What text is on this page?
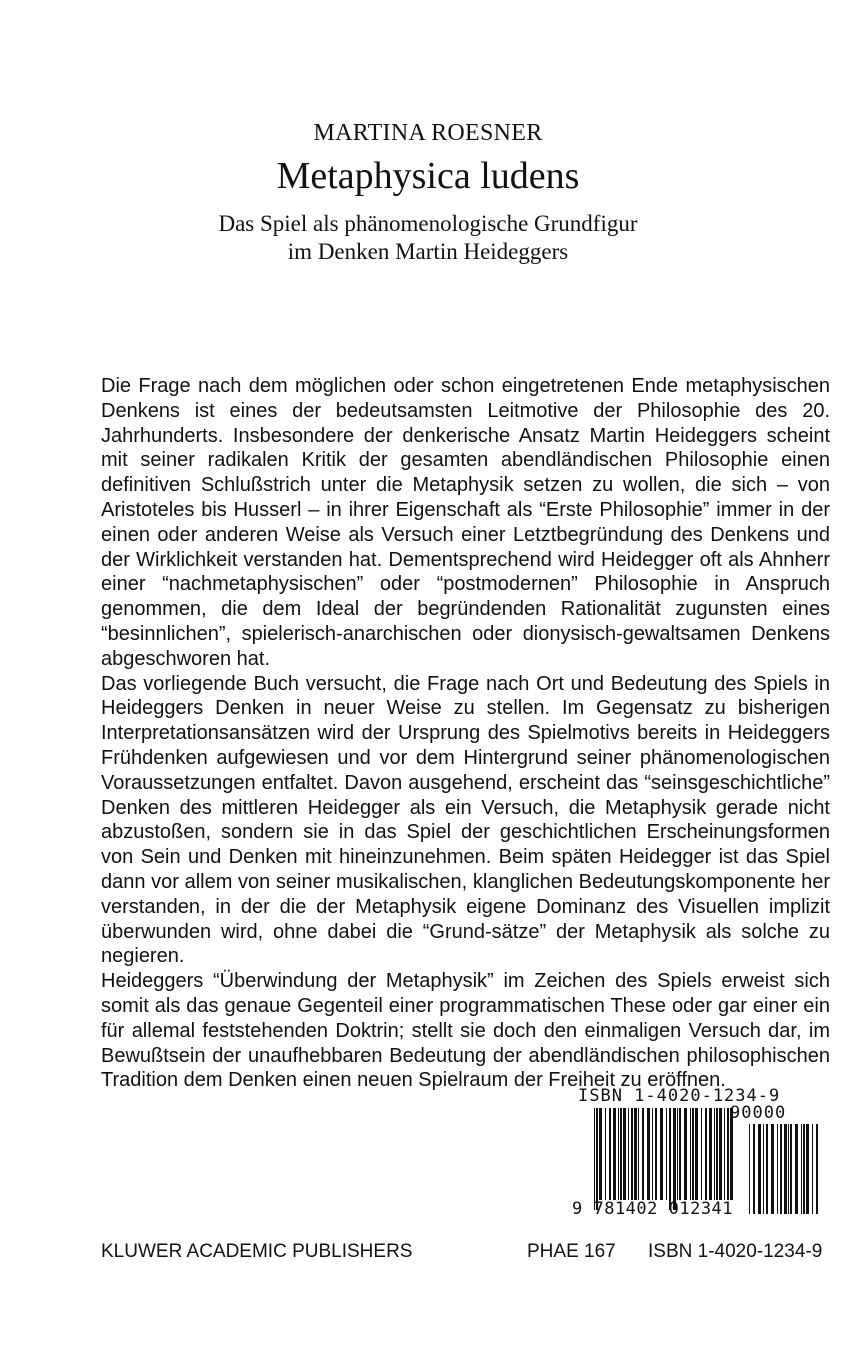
MARTINA ROESNER
Metaphysica ludens
Das Spiel als phänomenologische Grundfigur
im Denken Martin Heideggers

Die Frage nach dem möglichen oder schon eingetretenen Ende metaphysischen Denkens ist eines der bedeutsamsten Leitmotive der Philosophie des 20. Jahrhunderts. Insbesondere der denkerische Ansatz Martin Heideggers scheint mit seiner radikalen Kritik der gesamten abendländischen Philosophie einen definitiven Schlußstrich unter die Metaphysik setzen zu wollen, die sich – von Aristoteles bis Husserl – in ihrer Eigenschaft als “Erste Philosophie” immer in der einen oder anderen Weise als Versuch einer Letztbegründung des Denkens und der Wirklichkeit verstanden hat. Dementsprechend wird Heidegger oft als Ahnherr einer “nachmetaphysischen” oder “postmodernen” Philosophie in Anspruch genommen, die dem Ideal der begründenden Rationalität zugunsten eines “besinnlichen”, spielerisch-anarchischen oder dionysisch-gewaltsamen Denkens abgeschworen hat.

Das vorliegende Buch versucht, die Frage nach Ort und Bedeutung des Spiels in Heideggers Denken in neuer Weise zu stellen. Im Gegensatz zu bisherigen Interpretationsansätzen wird der Ursprung des Spielmotivs bereits in Heideggers Frühdenken aufgewiesen und vor dem Hintergrund seiner phänomenologischen Voraussetzungen entfaltet. Davon ausgehend, erscheint das “seinsgeschichtliche” Denken des mittleren Heidegger als ein Versuch, die Metaphysik gerade nicht abzustoßen, sondern sie in das Spiel der geschichtlichen Erscheinungsformen von Sein und Denken mit hineinzunehmen. Beim späten Heidegger ist das Spiel dann vor allem von seiner musikalischen, klanglichen Bedeutungskomponente her verstanden, in der die der Metaphysik eigene Dominanz des Visuellen implizit überwunden wird, ohne dabei die “Grund-sätze” der Metaphysik als solche zu negieren.

Heideggers “Überwindung der Metaphysik” im Zeichen des Spiels erweist sich somit als das genaue Gegenteil einer programmatischen These oder gar einer ein für allemal feststehenden Doktrin; stellt sie doch den einmaligen Versuch dar, im Bewußtsein der unaufhebbaren Bedeutung der abendländischen philosophischen Tradition dem Denken einen neuen Spielraum der Freiheit zu eröffnen.

ISBN 1-4020-1234-9
90000
9 781402 012341
KLUWER ACADEMIC PUBLISHERS	PHAE 167 ISBN 1-4020-1234-9
